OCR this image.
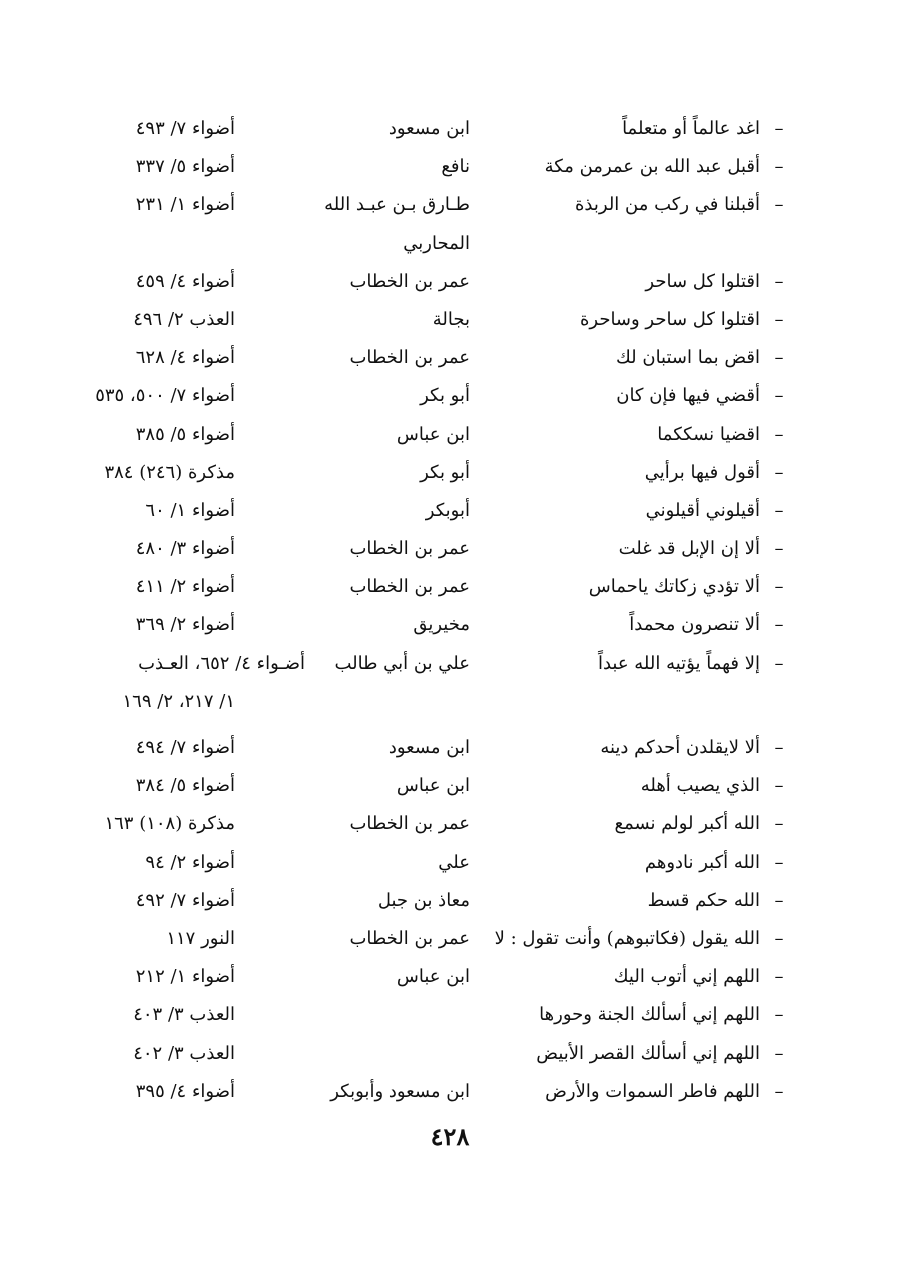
–
اغد عالماً أو متعلماً
ابن مسعود
أضواء ٧/ ٤٩٣
–
أقبل عبد الله بن عمرمن مكة
نافع
أضواء ٥/ ٣٣٧
–
أقبلنا في ركب من الربذة
طـارق بـن عبـد الله
أضواء ١/ ٢٣١
المحاربي
–
اقتلوا كل ساحر
عمر بن الخطاب
أضواء ٤/ ٤٥٩
–
اقتلوا كل ساحر وساحرة
بجالة
العذب ٢/ ٤٩٦
–
اقض بما استبان لك
عمر بن الخطاب
أضواء ٤/ ٦٢٨
–
أقضي فيها فإن كان
أبو بكر
أضواء ٧/ ٥٠٠، ٥٣٥
–
اقضيا نسككما
ابن عباس
أضواء ٥/ ٣٨٥
–
أقول فيها برأيي
أبو بكر
مذكرة (٢٤٦) ٣٨٤
–
أقيلوني أقيلوني
أبوبكر
أضواء ١/ ٦٠
–
ألا إن الإبل قد غلت
عمر بن الخطاب
أضواء ٣/ ٤٨٠
–
ألا تؤدي زكاتك ياحماس
عمر بن الخطاب
أضواء ٢/ ٤١١
–
ألا تنصرون محمداً
مخيريق
أضواء ٢/ ٣٦٩
–
إلا فهماً يؤتيه الله عبداً
علي بن أبي طالب
أضـواء ٤/ ٦٥٢، العـذب
١/ ٢١٧، ٢/ ١٦٩
–
ألا لايقلدن أحدكم دينه
ابن مسعود
أضواء ٧/ ٤٩٤
–
الذي يصيب أهله
ابن عباس
أضواء ٥/ ٣٨٤
–
الله أكبر لولم نسمع
عمر بن الخطاب
مذكرة (١٠٨) ١٦٣
–
الله أكبر نادوهم
علي
أضواء ٢/ ٩٤
–
الله حكم قسط
معاذ بن جبل
أضواء ٧/ ٤٩٢
–
الله يقول (فكاتبوهم) وأنت تقول : لا
عمر بن الخطاب
النور ١١٧
–
اللهم إني أتوب اليك
ابن عباس
أضواء ١/ ٢١٢
–
اللهم إني أسألك الجنة وحورها
العذب ٣/ ٤٠٣
–
اللهم إني أسألك القصر الأبيض
العذب ٣/ ٤٠٢
–
اللهم فاطر السموات والأرض
ابن مسعود وأبوبكر
أضواء ٤/ ٣٩٥
٤٢٨
